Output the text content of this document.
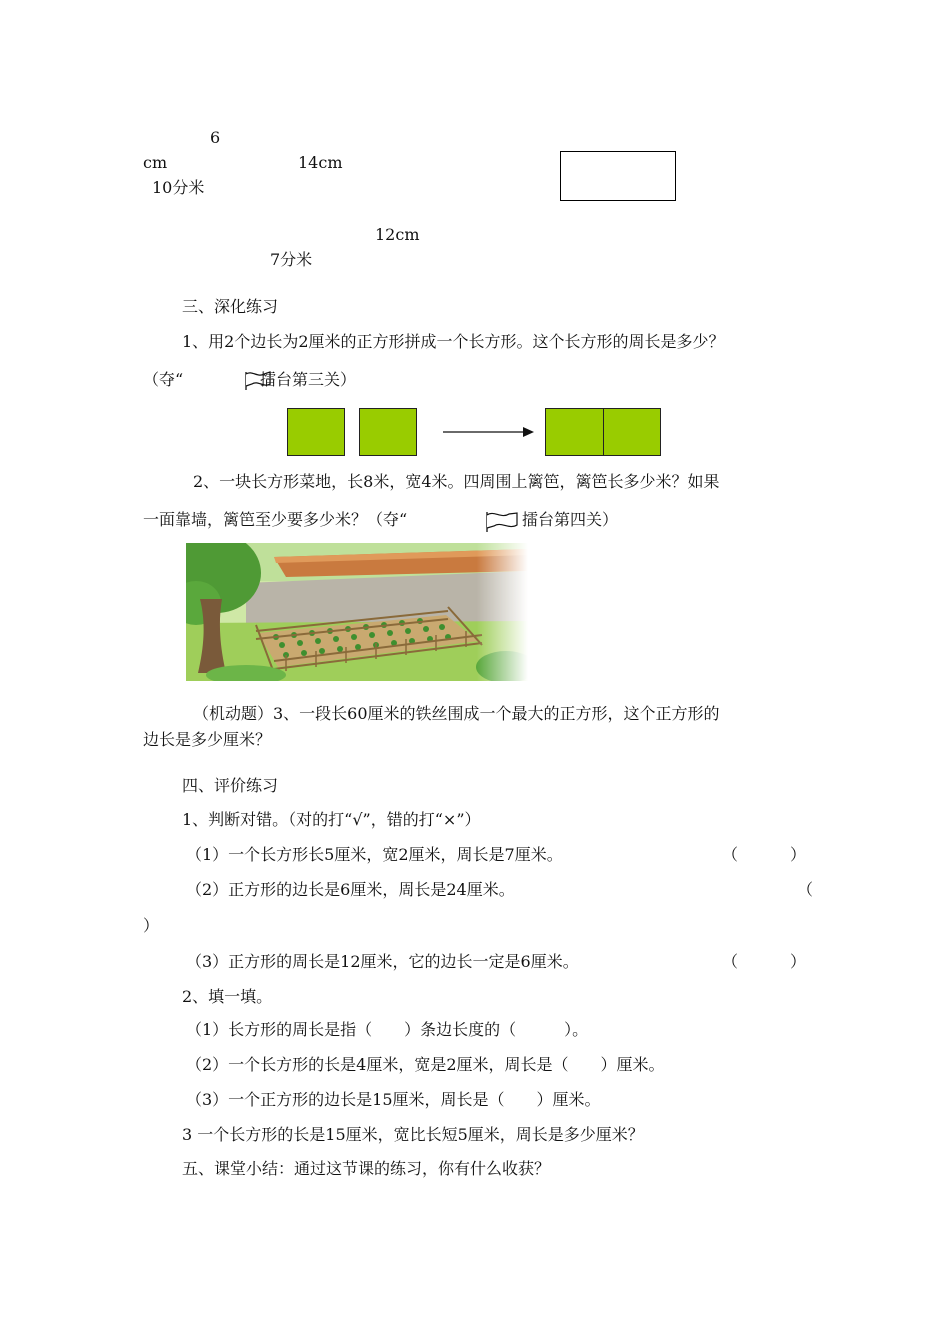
6
cm	14cm
10分米
12cm
7分米
三、深化练习
1、用2个边长为2厘米的正方形拼成一个长方形。这个长方形的周长是多少？
（夺“	擂台第三关）
2、一块长方形菜地，长8米，宽4米。四周围上篱笆，篱笆长多少米？如果
一面靠墙，篱笆至少要多少米？（夺“	擂台第四关）
（机动题）3、一段长60厘米的铁丝围成一个最大的正方形，这个正方形的
边长是多少厘米？
四、评价练习
1、判断对错。（对的打“√”，错的打“×”）
（1）一个长方形长5厘米，宽2厘米，周长是7厘米。	（	）
（2）正方形的边长是6厘米，周长是24厘米。	（
）
（3）正方形的周长是12厘米，它的边长一定是6厘米。	（	）
2、填一填。
（1）长方形的周长是指（　　）条边长度的（　　　）。
（2）一个长方形的长是4厘米，宽是2厘米，周长是（　　）厘米。
（3）一个正方形的边长是15厘米，周长是（　　）厘米。
3 一个长方形的长是15厘米，宽比长短5厘米，周长是多少厘米？
五、课堂小结：通过这节课的练习，你有什么收获？
